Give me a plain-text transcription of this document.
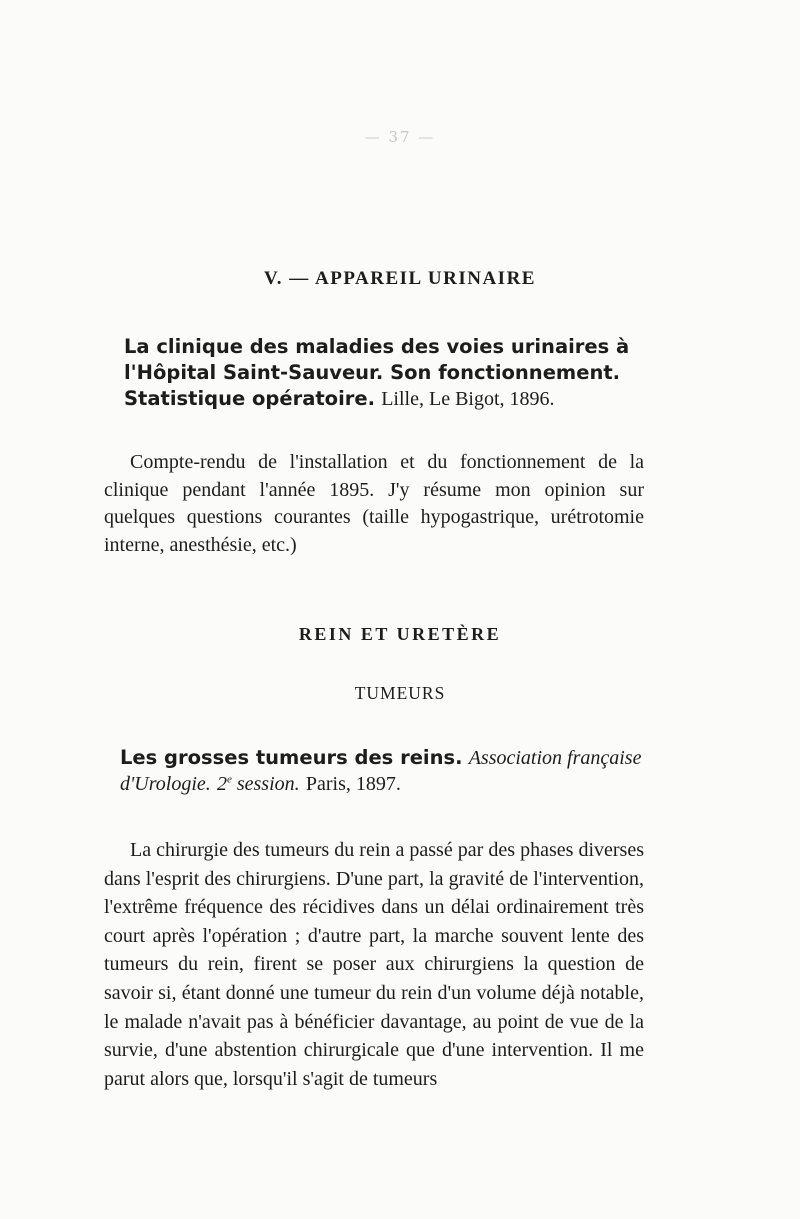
— 37 —
V. — APPAREIL URINAIRE
La clinique des maladies des voies urinaires à l'Hôpital Saint-Sauveur. Son fonctionnement. Statistique opératoire. Lille, Le Bigot, 1896.
Compte-rendu de l'installation et du fonctionnement de la clinique pendant l'année 1895. J'y résume mon opinion sur quelques questions courantes (taille hypogastrique, urétrotomie interne, anesthésie, etc.)
REIN ET URETÈRE
TUMEURS
Les grosses tumeurs des reins. Association française d'Urologie. 2e session. Paris, 1897.
La chirurgie des tumeurs du rein a passé par des phases diverses dans l'esprit des chirurgiens. D'une part, la gravité de l'intervention, l'extrême fréquence des récidives dans un délai ordinairement très court après l'opération ; d'autre part, la marche souvent lente des tumeurs du rein, firent se poser aux chirurgiens la question de savoir si, étant donné une tumeur du rein d'un volume déjà notable, le malade n'avait pas à bénéficier davantage, au point de vue de la survie, d'une abstention chirurgicale que d'une intervention. Il me parut alors que, lorsqu'il s'agit de tumeurs
